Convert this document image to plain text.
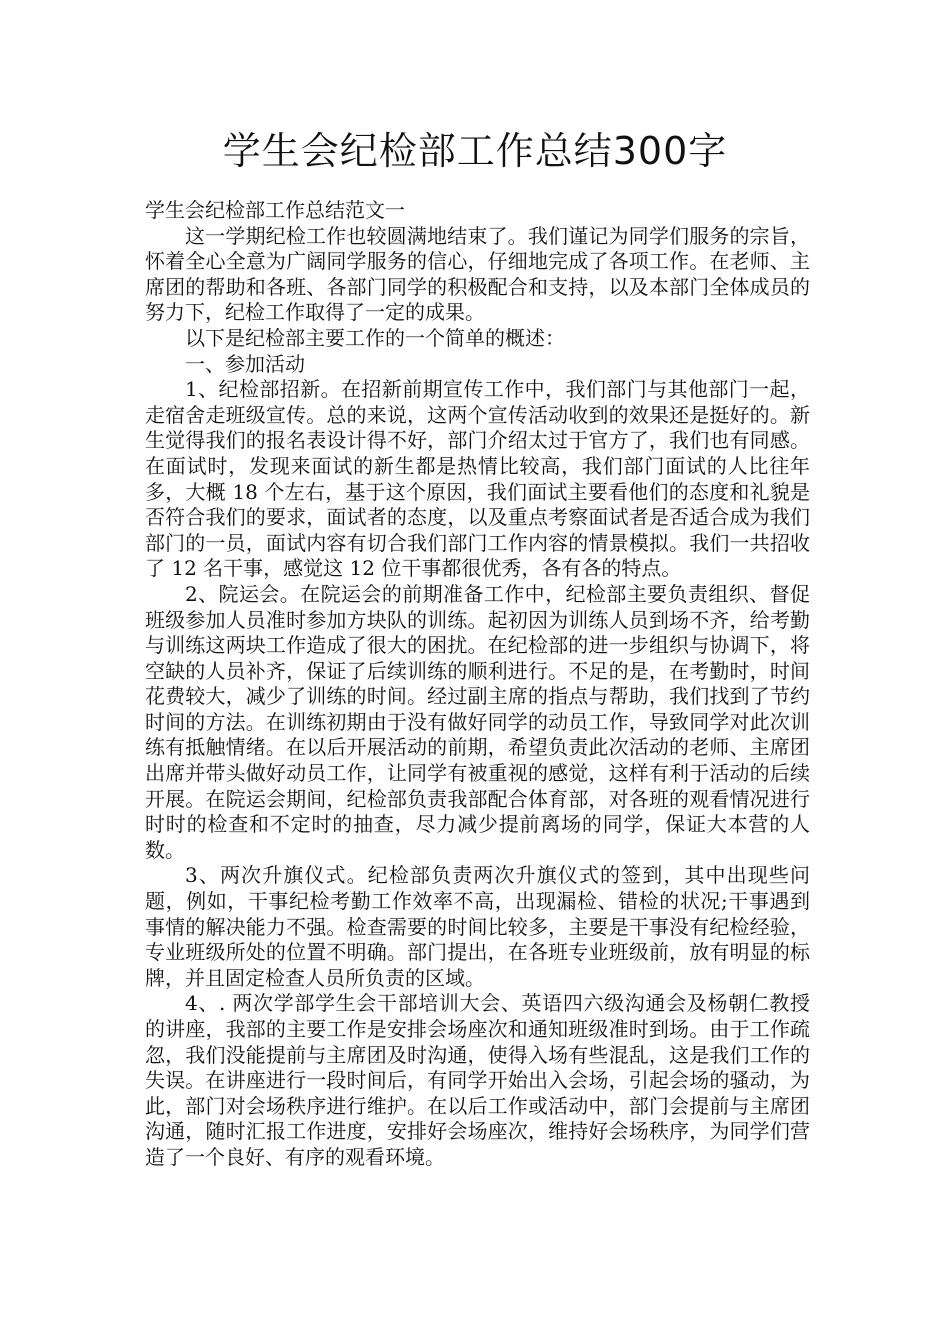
学生会纪检部工作总结300字

学生会纪检部工作总结范文一

这一学期纪检工作也较圆满地结束了。我们谨记为同学们服务的宗旨，怀着全心全意为广阔同学服务的信心，仔细地完成了各项工作。在老师、主席团的帮助和各班、各部门同学的积极配合和支持，以及本部门全体成员的努力下，纪检工作取得了一定的成果。

以下是纪检部主要工作的一个简单的概述：

一、参加活动

1、纪检部招新。在招新前期宣传工作中，我们部门与其他部门一起，走宿舍走班级宣传。总的来说，这两个宣传活动收到的效果还是挺好的。新生觉得我们的报名表设计得不好，部门介绍太过于官方了，我们也有同感。在面试时，发现来面试的新生都是热情比较高，我们部门面试的人比往年多，大概 18 个左右，基于这个原因，我们面试主要看他们的态度和礼貌是否符合我们的要求，面试者的态度，以及重点考察面试者是否适合成为我们部门的一员，面试内容有切合我们部门工作内容的情景模拟。我们一共招收了 12 名干事，感觉这 12 位干事都很优秀，各有各的特点。

2、院运会。在院运会的前期准备工作中，纪检部主要负责组织、督促班级参加人员准时参加方块队的训练。起初因为训练人员到场不齐，给考勤与训练这两块工作造成了很大的困扰。在纪检部的进一步组织与协调下，将空缺的人员补齐，保证了后续训练的顺利进行。不足的是，在考勤时，时间花费较大，减少了训练的时间。经过副主席的指点与帮助，我们找到了节约时间的方法。在训练初期由于没有做好同学的动员工作，导致同学对此次训练有抵触情绪。在以后开展活动的前期，希望负责此次活动的老师、主席团出席并带头做好动员工作，让同学有被重视的感觉，这样有利于活动的后续开展。在院运会期间，纪检部负责我部配合体育部，对各班的观看情况进行时时的检查和不定时的抽查，尽力减少提前离场的同学，保证大本营的人数。

3、两次升旗仪式。纪检部负责两次升旗仪式的签到，其中出现些问题，例如，干事纪检考勤工作效率不高，出现漏检、错检的状况;干事遇到事情的解决能力不强。检查需要的时间比较多，主要是干事没有纪检经验，专业班级所处的位置不明确。部门提出，在各班专业班级前，放有明显的标牌，并且固定检查人员所负责的区域。

4、. 两次学部学生会干部培训大会、英语四六级沟通会及杨朝仁教授的讲座，我部的主要工作是安排会场座次和通知班级准时到场。由于工作疏忽，我们没能提前与主席团及时沟通，使得入场有些混乱，这是我们工作的失误。在讲座进行一段时间后，有同学开始出入会场，引起会场的骚动，为此，部门对会场秩序进行维护。在以后工作或活动中，部门会提前与主席团沟通，随时汇报工作进度，安排好会场座次，维持好会场秩序，为同学们营造了一个良好、有序的观看环境。
